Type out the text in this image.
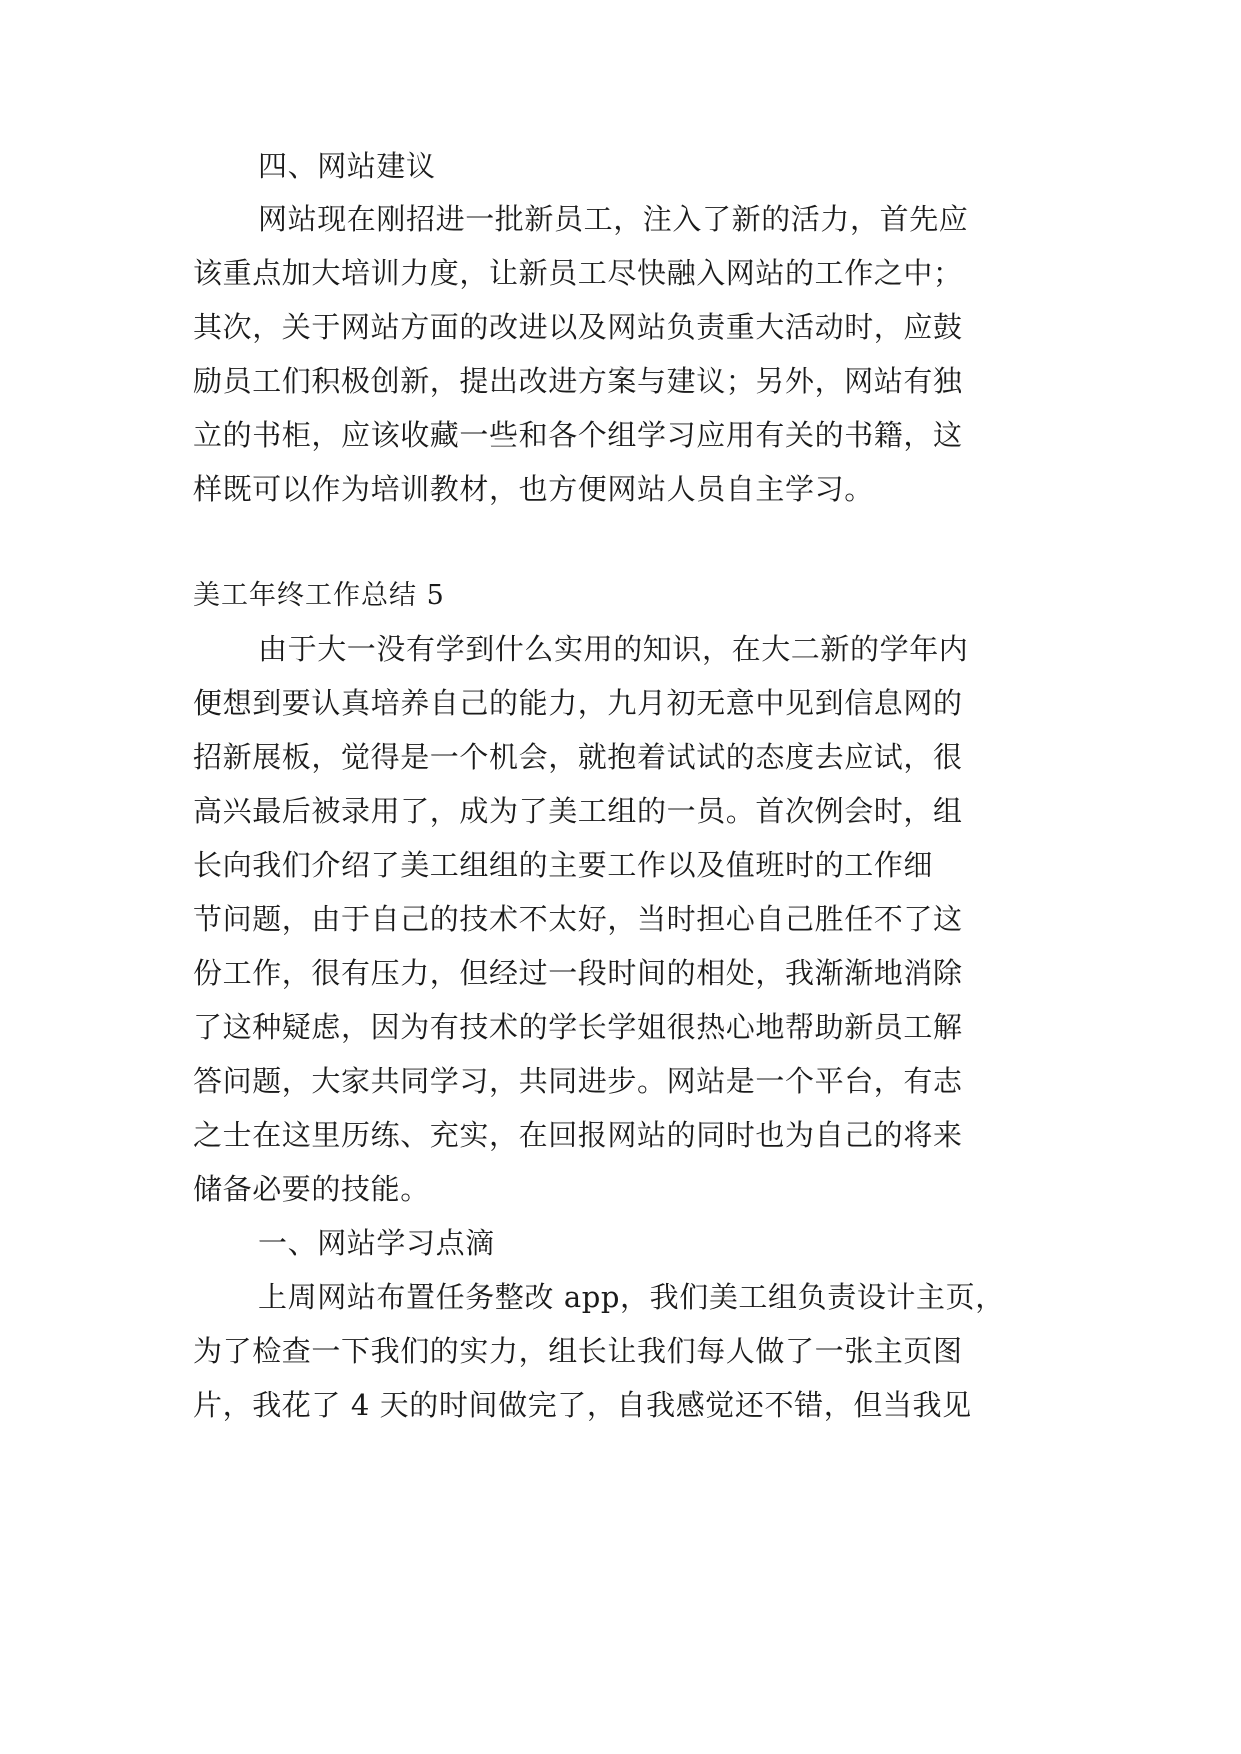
四、网站建议
网站现在刚招进一批新员工，注入了新的活力，首先应
该重点加大培训力度，让新员工尽快融入网站的工作之中；
其次，关于网站方面的改进以及网站负责重大活动时，应鼓
励员工们积极创新，提出改进方案与建议；另外，网站有独
立的书柜，应该收藏一些和各个组学习应用有关的书籍，这
样既可以作为培训教材，也方便网站人员自主学习。
美工年终工作总结 5
由于大一没有学到什么实用的知识，在大二新的学年内
便想到要认真培养自己的能力，九月初无意中见到信息网的
招新展板，觉得是一个机会，就抱着试试的态度去应试，很
高兴最后被录用了，成为了美工组的一员。首次例会时，组
长向我们介绍了美工组组的主要工作以及值班时的工作细
节问题，由于自己的技术不太好，当时担心自己胜任不了这
份工作，很有压力，但经过一段时间的相处，我渐渐地消除
了这种疑虑，因为有技术的学长学姐很热心地帮助新员工解
答问题，大家共同学习，共同进步。网站是一个平台，有志
之士在这里历练、充实，在回报网站的同时也为自己的将来
储备必要的技能。
一、网站学习点滴
上周网站布置任务整改 app，我们美工组负责设计主页，
为了检查一下我们的实力，组长让我们每人做了一张主页图
片，我花了 4 天的时间做完了，自我感觉还不错，但当我见
